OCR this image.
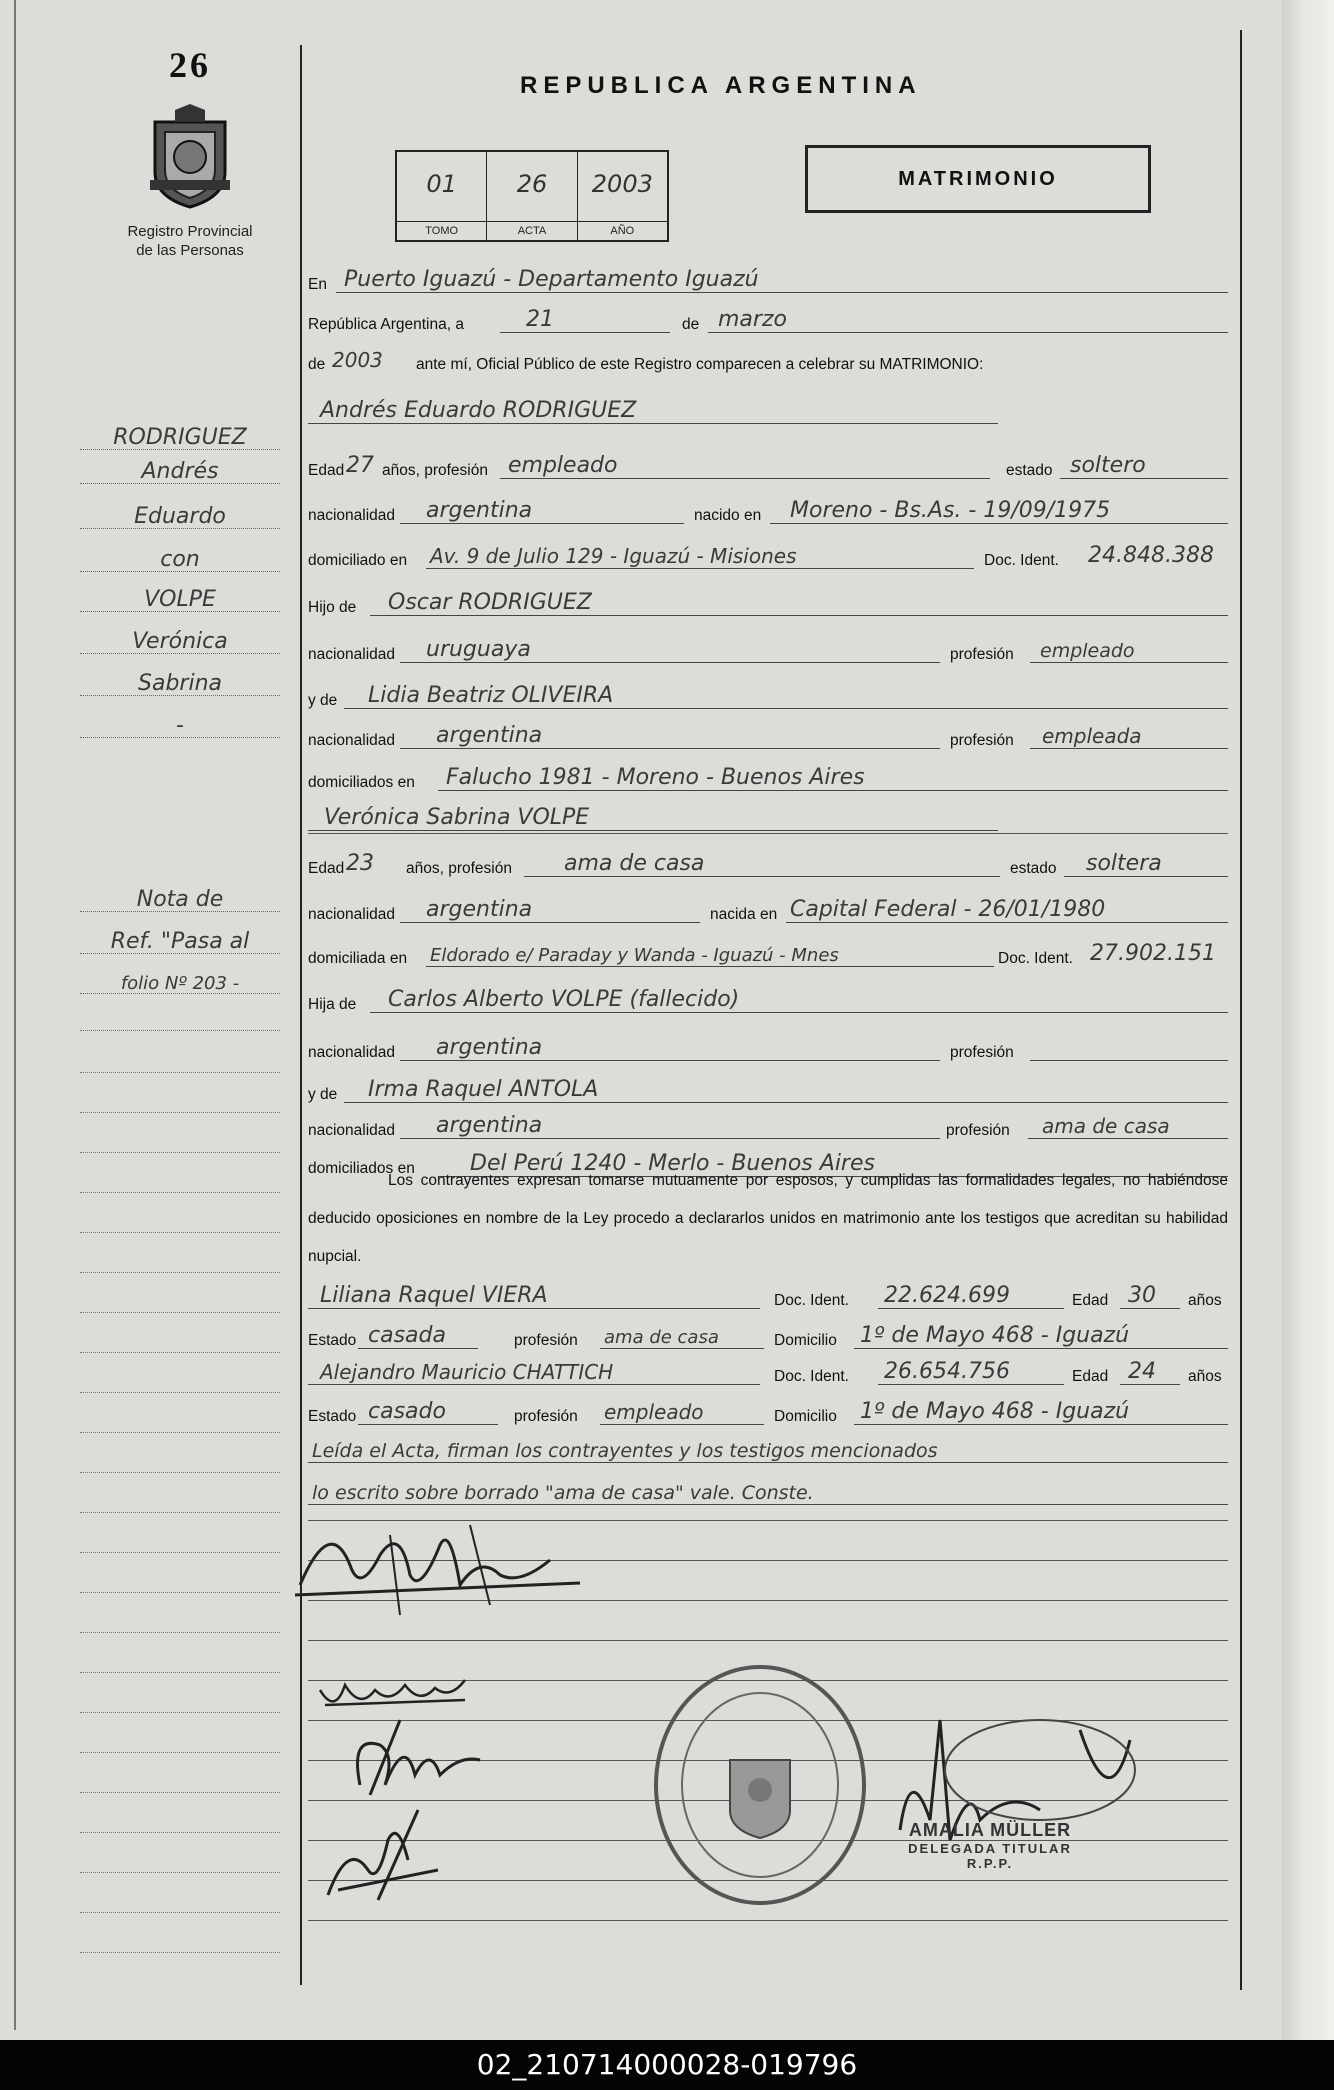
26
Registro Provincial
de las Personas
REPUBLICA ARGENTINA
01
TOMO
26
ACTA
2003
AÑO
MATRIMONIO
En Puerto Iguazú - Departamento Iguazú
República Argentina, a	21	de marzo
de 2003 ante mí, Oficial Público de este Registro comparecen a celebrar su MATRIMONIO:
Andrés Eduardo RODRIGUEZ
Edad 27 años, profesión empleado	estado soltero
nacionalidad argentina	nacido en Moreno - Bs.As. - 19/09/1975
domiciliado en Av. 9 de Julio 129 - Iguazú - Misiones	Doc. Ident. 24.848.388
Hijo de Oscar RODRIGUEZ
nacionalidad uruguaya	profesión empleado
y de Lidia Beatriz OLIVEIRA
nacionalidad argentina	profesión empleada
domiciliados en Falucho 1981 - Moreno - Buenos Aires
Verónica Sabrina VOLPE
Edad 23 años, profesión ama de casa	estado soltera
nacionalidad argentina	nacida en Capital Federal - 26/01/1980
domiciliada en Eldorado e/ Paraday y Wanda - Iguazú - Mnes	Doc. Ident. 27.902.151
Hija de Carlos Alberto VOLPE (fallecido)
nacionalidad argentina	profesión
y de Irma Raquel ANTOLA
nacionalidad argentina	profesión ama de casa
domiciliados en	Del Perú 1240 - Merlo - Buenos Aires
Los contrayentes expresan tomarse mutuamente por esposos, y cumplidas las formalidades legales, no habiéndose deducido oposiciones en nombre de la Ley procedo a declararlos unidos en matrimonio ante los testigos que acreditan su habilidad nupcial.
Liliana Raquel VIERA	Doc. Ident. 22.624.699	Edad 30 años
Estado casada	profesión ama de casa	Domicilio 1º de Mayo 468 - Iguazú
Alejandro Mauricio CHATTICH	Doc. Ident. 26.654.756	Edad 24 años
Estado casado	profesión empleado	Domicilio 1º de Mayo 468 - Iguazú
Leída el Acta, firman los contrayentes y los testigos mencionados
lo escrito sobre borrado "ama de casa" vale. Conste.
AMALIA MÜLLER
DELEGADA TITULAR
R.P.P.
RODRIGUEZ
Andrés
Eduardo
con
VOLPE
Verónica
Sabrina
-
Nota de
Ref. "Pasa al
folio Nº 203 -
02_210714000028-019796
